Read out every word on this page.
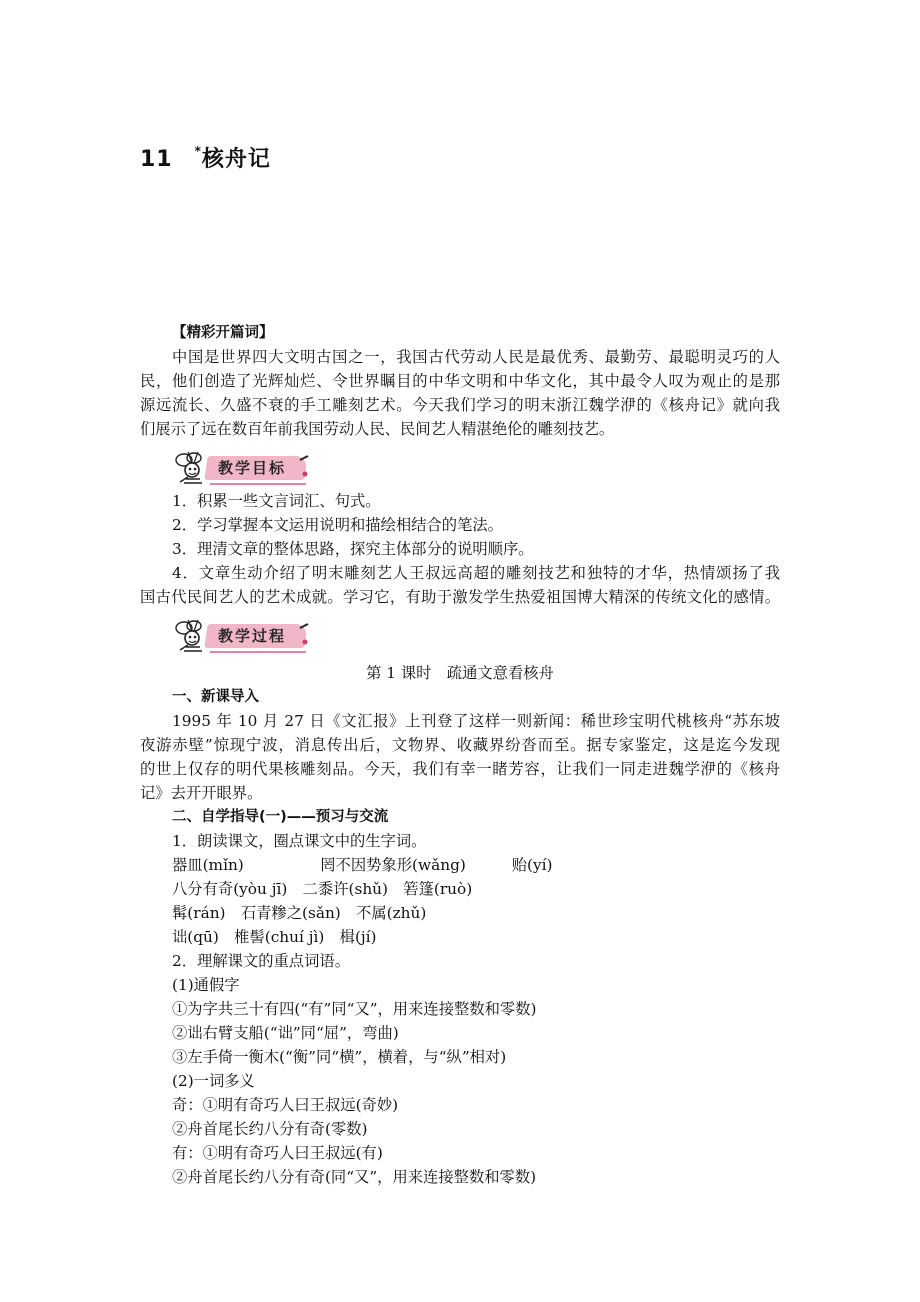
11 *核舟记
【精彩开篇词】
中国是世界四大文明古国之一，我国古代劳动人民是最优秀、最勤劳、最聪明灵巧的人
民，他们创造了光辉灿烂、令世界瞩目的中华文明和中华文化，其中最令人叹为观止的是那
源远流长、久盛不衰的手工雕刻艺术。今天我们学习的明末浙江魏学洢的《核舟记》就向我
们展示了远在数百年前我国劳动人民、民间艺人精湛绝伦的雕刻技艺。
教学目标
1．积累一些文言词汇、句式。
2．学习掌握本文运用说明和描绘相结合的笔法。
3．理清文章的整体思路，探究主体部分的说明顺序。
4．文章生动介绍了明末雕刻艺人王叔远高超的雕刻技艺和独特的才华，热情颂扬了我
国古代民间艺人的艺术成就。学习它，有助于激发学生热爱祖国博大精深的传统文化的感情。
教学过程
第 1 课时　疏通文意看核舟
一、新课导入
1995 年 10 月 27 日《文汇报》上刊登了这样一则新闻：稀世珍宝明代桃核舟“苏东坡
夜游赤壁”惊现宁波，消息传出后，文物界、收藏界纷沓而至。据专家鉴定，这是迄今发现
的世上仅存的明代果核雕刻品。今天，我们有幸一睹芳容，让我们一同走进魏学洢的《核舟
记》去开开眼界。
二、自学指导(一)——预习与交流
1．朗读课文，圈点课文中的生字词。
器皿(mǐn)　　　　　罔不因势象形(wǎng)　　　贻(yí)
八分有奇(yòu jī)　二黍许(shǔ)　箬篷(ruò)
髯(rán)　石青糁之(sǎn)　不属(zhǔ)
诎(qū)　椎髻(chuí jì)　楫(jí)
2．理解课文的重点词语。
(1)通假字
①为字共三十有四(“有”同“又”，用来连接整数和零数)
②诎右臂支船(“诎”同“屈”，弯曲)
③左手倚一衡木(“衡”同“横”，横着，与“纵”相对)
(2)一词多义
奇：①明有奇巧人曰王叔远(奇妙)
②舟首尾长约八分有奇(零数)
有：①明有奇巧人曰王叔远(有)
②舟首尾长约八分有奇(同“又”，用来连接整数和零数)
